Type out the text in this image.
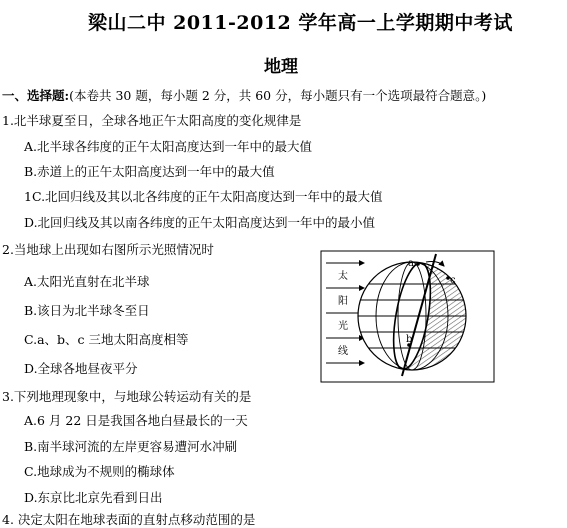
梁山二中 2011-2012 学年高一上学期期中考试
地理
一、选择题:(本卷共 30 题，每小题 2 分，共 60 分，每小题只有一个选项最符合题意。)
1.北半球夏至日，全球各地正午太阳高度的变化规律是
A.北半球各纬度的正午太阳高度达到一年中的最大值
B.赤道上的正午太阳高度达到一年中的最大值
1C.北回归线及其以北各纬度的正午太阳高度达到一年中的最大值
D.北回归线及其以南各纬度的正午太阳高度达到一年中的最小值
2.当地球上出现如右图所示光照情况时
A.太阳光直射在北半球
B.该日为北半球冬至日
C.a、b、c 三地太阳高度相等
D.全球各地昼夜平分
3.下列地理现象中，与地球公转运动有关的是
A.6 月 22 日是我国各地白昼最长的一天
B.南半球河流的左岸更容易遭河水冲刷
C.地球成为不规则的椭球体
D.东京比北京先看到日出
4. 决定太阳在地球表面的直射点移动范围的是
太
阳
光
线
a
c
b
